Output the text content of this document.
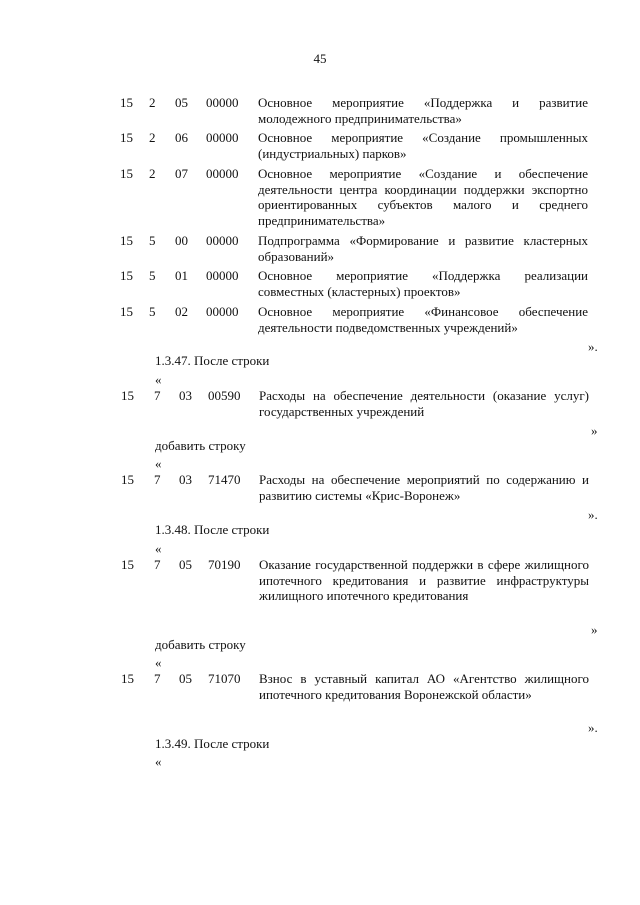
45
15 2 05 00000 Основное мероприятие «Поддержка и развитие молодежного предпринимательства»
15 2 06 00000 Основное мероприятие «Создание промышленных (индустриальных) парков»
15 2 07 00000 Основное мероприятие «Создание и обеспечение деятельности центра координации поддержки экспортно ориентированных субъектов малого и среднего предпринимательства»
15 5 00 00000 Подпрограмма «Формирование и развитие кластерных образований»
15 5 01 00000 Основное мероприятие «Поддержка реализации совместных (кластерных) проектов»
15 5 02 00000 Основное мероприятие «Финансовое обеспечение деятельности подведомственных учреждений»
».
1.3.47. После строки
«
15 7 03 00590 Расходы на обеспечение деятельности (оказание услуг) государственных учреждений
»
добавить строку
«
15 7 03 71470 Расходы на обеспечение мероприятий по содержанию и развитию системы «Крис-Воронеж»
».
1.3.48. После строки
«
15 7 05 70190 Оказание государственной поддержки в сфере жилищного ипотечного кредитования и развитие инфраструктуры жилищного ипотечного кредитования
»
добавить строку
«
15 7 05 71070 Взнос в уставный капитал АО «Агентство жилищного ипотечного кредитования Воронежской области»
».
1.3.49. После строки
«
